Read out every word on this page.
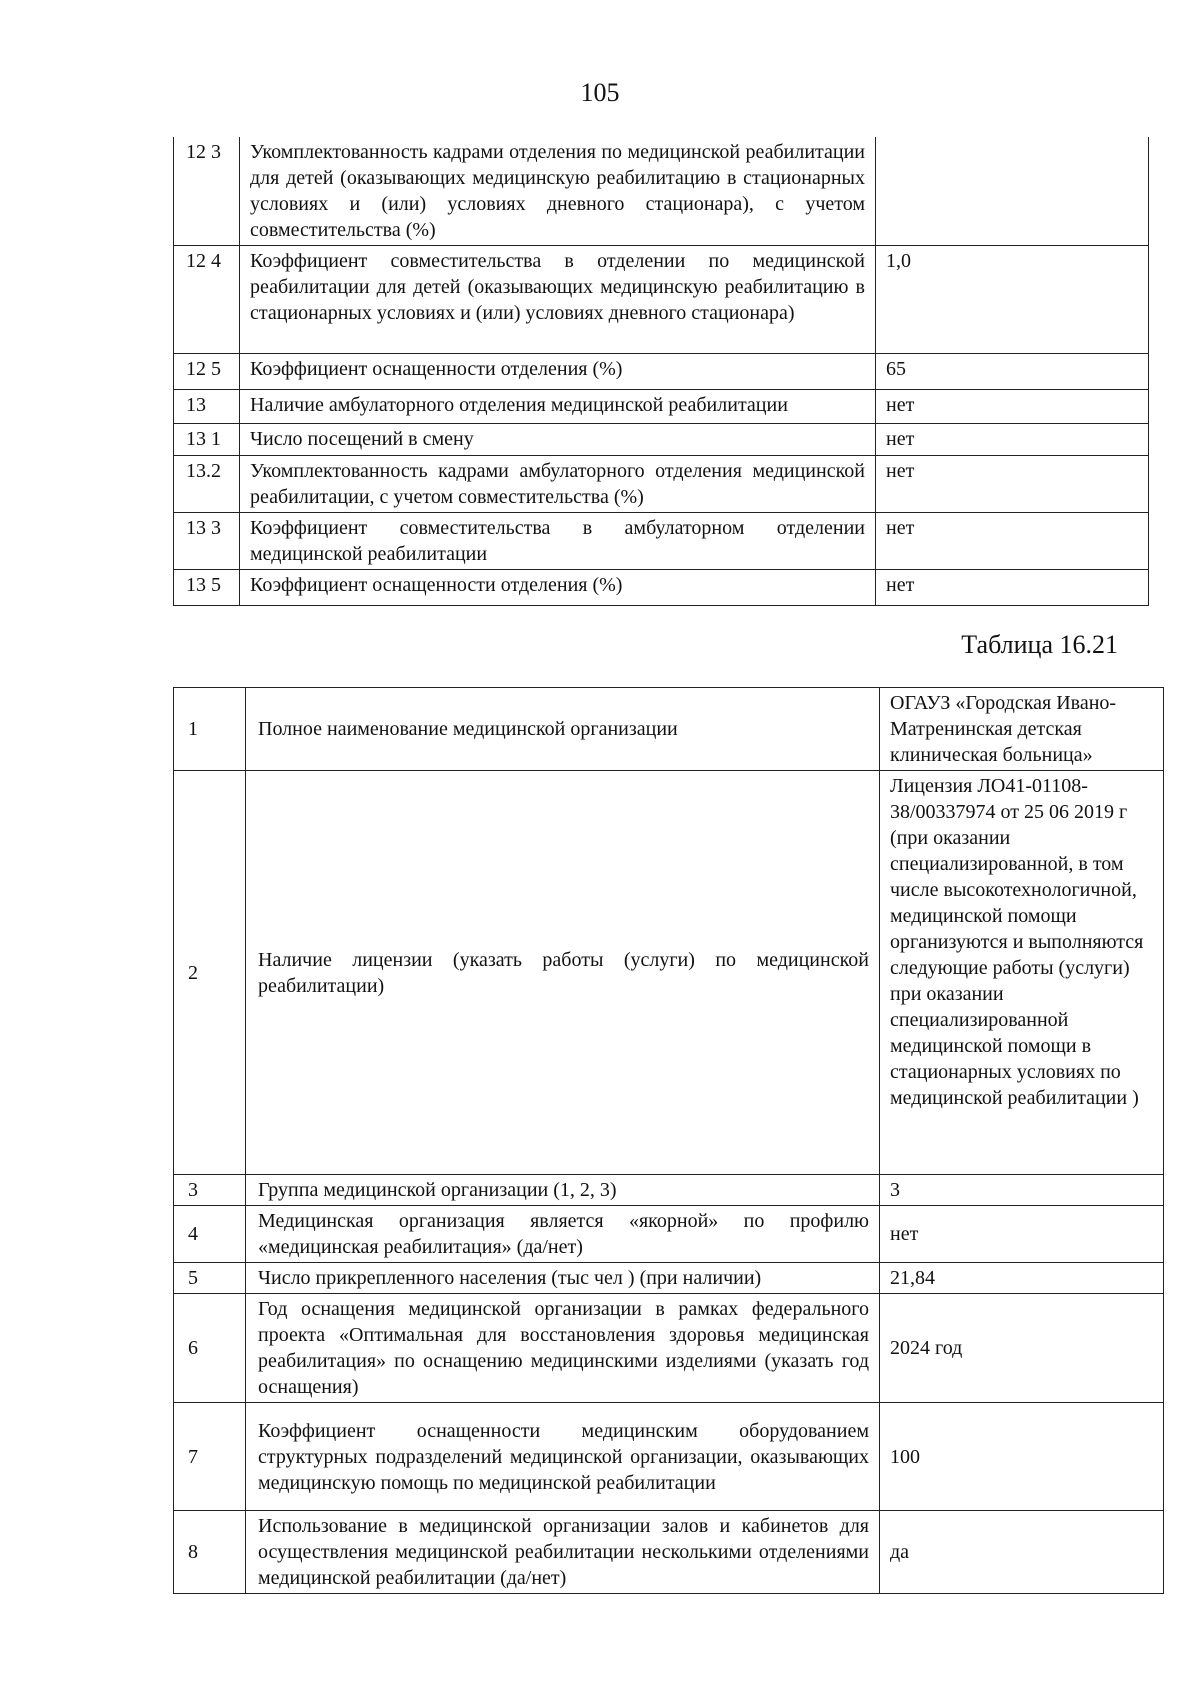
105
12 3	Укомплектованность кадрами отделения по медицинской реабилитации для детей (оказывающих медицинскую реабилитацию в стационарных условиях и (или) условиях дневного стационара), с учетом совместительства (%)	
12 4	Коэффициент совместительства в отделении по медицинской реабилитации для детей (оказывающих медицинскую реабилитацию в стационарных условиях и (или) условиях дневного стационара)	1,0
12 5	Коэффициент оснащенности отделения (%)	65
13	Наличие амбулаторного отделения медицинской реабилитации	нет
13 1	Число посещений в смену	нет
13.2	Укомплектованность кадрами амбулаторного отделения медицинской реабилитации, с учетом совместительства (%)	нет
13 3	Коэффициент совместительства в амбулаторном отделении медицинской реабилитации	нет
13 5	Коэффициент оснащенности отделения (%)	нет
Таблица 16.21
1	Полное наименование медицинской организации	ОГАУЗ «Городская Ивано-Матренинская детская клиническая больница»
2	Наличие лицензии (указать работы (услуги) по медицинской реабилитации)	Лицензия ЛО41-01108-38/00337974 от 25 06 2019 г (при оказании специализированной, в том числе высокотехнологичной, медицинской помощи организуются и выполняются следующие работы (услуги) при оказании специализированной медицинской помощи в стационарных условиях по медицинской реабилитации )
3	Группа медицинской организации (1, 2, 3)	3
4	Медицинская организация является «якорной» по профилю «медицинская реабилитация» (да/нет)	нет
5	Число прикрепленного населения (тыс чел ) (при наличии)	21,84
6	Год оснащения медицинской организации в рамках федерального проекта «Оптимальная для восстановления здоровья медицинская реабилитация» по оснащению медицинскими изделиями (указать год оснащения)	2024 год
7	Коэффициент оснащенности медицинским оборудованием структурных подразделений медицинской организации, оказывающих медицинскую помощь по медицинской реабилитации	100
8	Использование в медицинской организации залов и кабинетов для осуществления медицинской реабилитации несколькими отделениями медицинской реабилитации (да/нет)	да
